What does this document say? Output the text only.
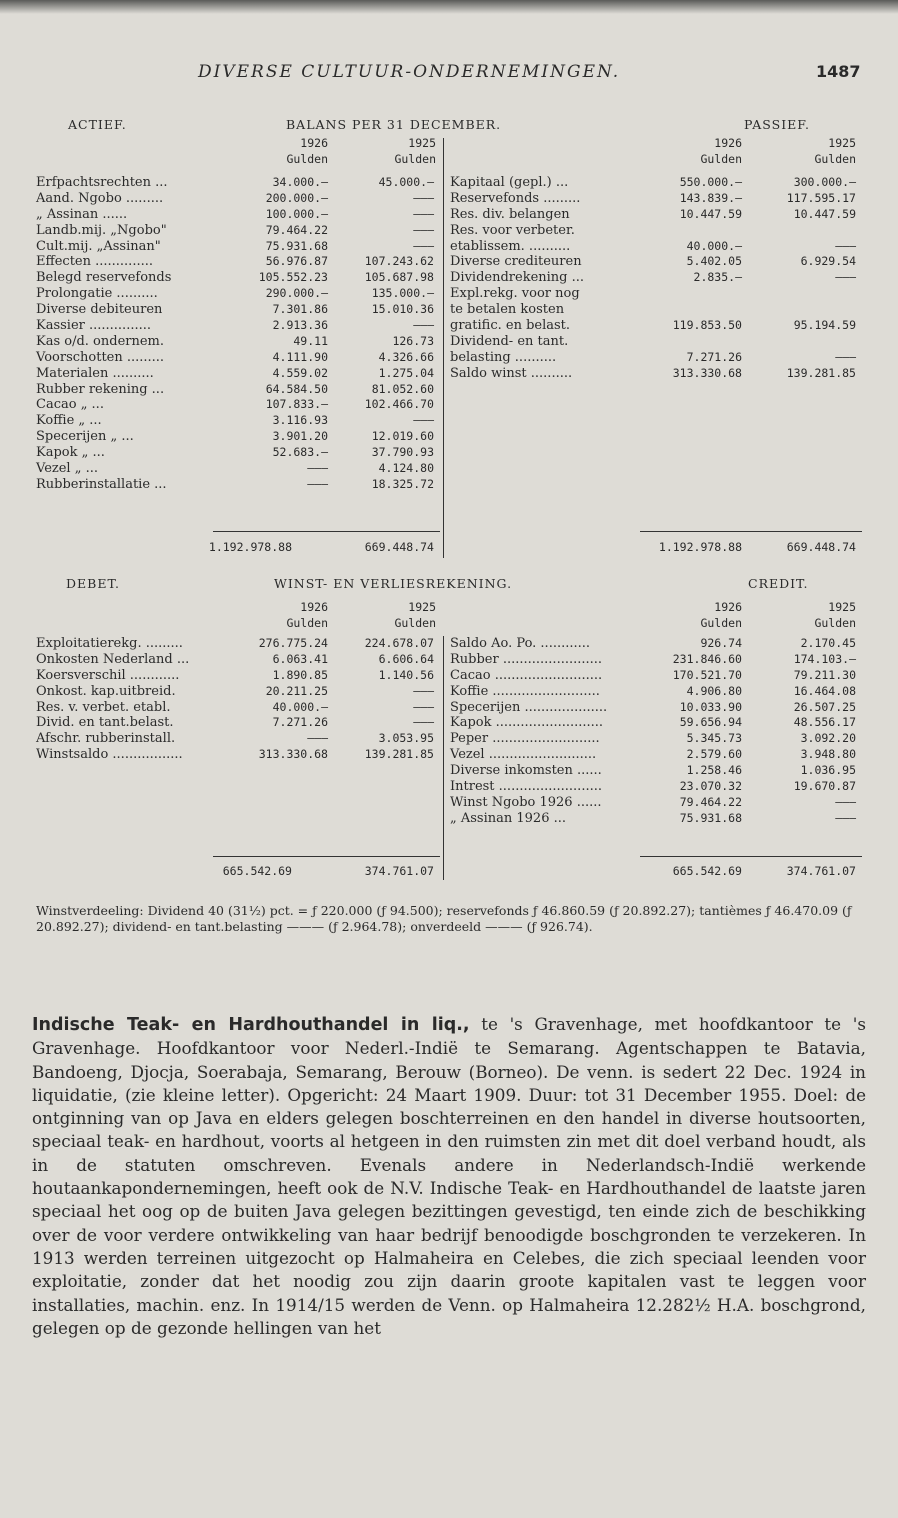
DIVERSE CULTUUR-ONDERNEMINGEN.	1487
ACTIEF.	BALANS PER 31 DECEMBER.	PASSIEF.
1926	1925
Gulden	Gulden
1926	1925
Gulden	Gulden
Erfpachtsrechten ...	34.000.—	45.000.—
Aand. Ngobo .........	200.000.—	———
„ Assinan ......	100.000.—	———
Landb.mij. „Ngobo"	79.464.22	———
Cult.mij. „Assinan"	75.931.68	———
Effecten ..............	56.976.87	107.243.62
Belegd reservefonds	105.552.23	105.687.98
Prolongatie ..........	290.000.—	135.000.—
Diverse debiteuren	7.301.86	15.010.36
Kassier ...............	2.913.36	———
Kas o/d. ondernem.	49.11	126.73
Voorschotten .........	4.111.90	4.326.66
Materialen ..........	4.559.02	1.275.04
Rubber rekening ...	64.584.50	81.052.60
Cacao „ ...	107.833.—	102.466.70
Koffie „ ...	3.116.93	———
Specerijen „ ...	3.901.20	12.019.60
Kapok „ ...	52.683.—	37.790.93
Vezel „ ...	———	4.124.80
Rubberinstallatie ...	———	18.325.72
Kapitaal (gepl.) ...	550.000.—	300.000.—
Reservefonds .........	143.839.—	117.595.17
Res. div. belangen	10.447.59	10.447.59
Res. voor verbeter.
etablissem. ..........	40.000.—	———
Diverse crediteuren	5.402.05	6.929.54
Dividendrekening ...	2.835.—	———
Expl.rekg. voor nog
te betalen kosten
gratific. en belast.	119.853.50	95.194.59
Dividend- en tant.
belasting ..........	7.271.26	———
Saldo winst ..........	313.330.68	139.281.85
1.192.978.88	669.448.74	1.192.978.88	669.448.74
DEBET.	WINST- EN VERLIESREKENING.	CREDIT.
1926	1925
Gulden	Gulden
1926	1925
Gulden	Gulden
Exploitatierekg. .........	276.775.24	224.678.07
Onkosten Nederland ...	6.063.41	6.606.64
Koersverschil ............	1.890.85	1.140.56
Onkost. kap.uitbreid.	20.211.25	———
Res. v. verbet. etabl.	40.000.—	———
Divid. en tant.belast.	7.271.26	———
Afschr. rubberinstall.	———	3.053.95
Winstsaldo .................	313.330.68	139.281.85
Saldo Ao. Po. ............	926.74	2.170.45
Rubber ........................	231.846.60	174.103.—
Cacao ..........................	170.521.70	79.211.30
Koffie ..........................	4.906.80	16.464.08
Specerijen ....................	10.033.90	26.507.25
Kapok ..........................	59.656.94	48.556.17
Peper ..........................	5.345.73	3.092.20
Vezel ..........................	2.579.60	3.948.80
Diverse inkomsten ......	1.258.46	1.036.95
Intrest .........................	23.070.32	19.670.87
Winst Ngobo 1926 ......	79.464.22	———
„ Assinan 1926 ...	75.931.68	———
665.542.69	374.761.07	665.542.69	374.761.07
Winstverdeeling: Dividend 40 (31½) pct. = ƒ 220.000 (ƒ 94.500); reservefonds ƒ 46.860.59 (ƒ 20.892.27); tantièmes ƒ 46.470.09 (ƒ 20.892.27); dividend- en tant.belasting ——— (ƒ 2.964.78); onverdeeld ——— (ƒ 926.74).

Indische Teak- en Hardhouthandel in liq., te 's Gravenhage, met hoofdkantoor te 's Gravenhage. Hoofdkantoor voor Nederl.-Indië te Semarang. Agentschappen te Batavia, Bandoeng, Djocja, Soerabaja, Semarang, Berouw (Borneo). De venn. is sedert 22 Dec. 1924 in liquidatie, (zie kleine letter). Opgericht: 24 Maart 1909. Duur: tot 31 December 1955. Doel: de ontginning van op Java en elders gelegen boschterreinen en den handel in diverse houtsoorten, speciaal teak- en hardhout, voorts al hetgeen in den ruimsten zin met dit doel verband houdt, als in de statuten omschreven. Evenals andere in Nederlandsch-Indië werkende houtaankapondernemingen, heeft ook de N.V. Indische Teak- en Hardhouthandel de laatste jaren speciaal het oog op de buiten Java gelegen bezittingen gevestigd, ten einde zich de beschikking over de voor verdere ontwikkeling van haar bedrijf benoodigde boschgronden te verzekeren. In 1913 werden terreinen uitgezocht op Halmaheira en Celebes, die zich speciaal leenden voor exploitatie, zonder dat het noodig zou zijn daarin groote kapitalen vast te leggen voor installaties, machin. enz. In 1914/15 werden de Venn. op Halmaheira 12.282½ H.A. boschgrond, gelegen op de gezonde hellingen van het
